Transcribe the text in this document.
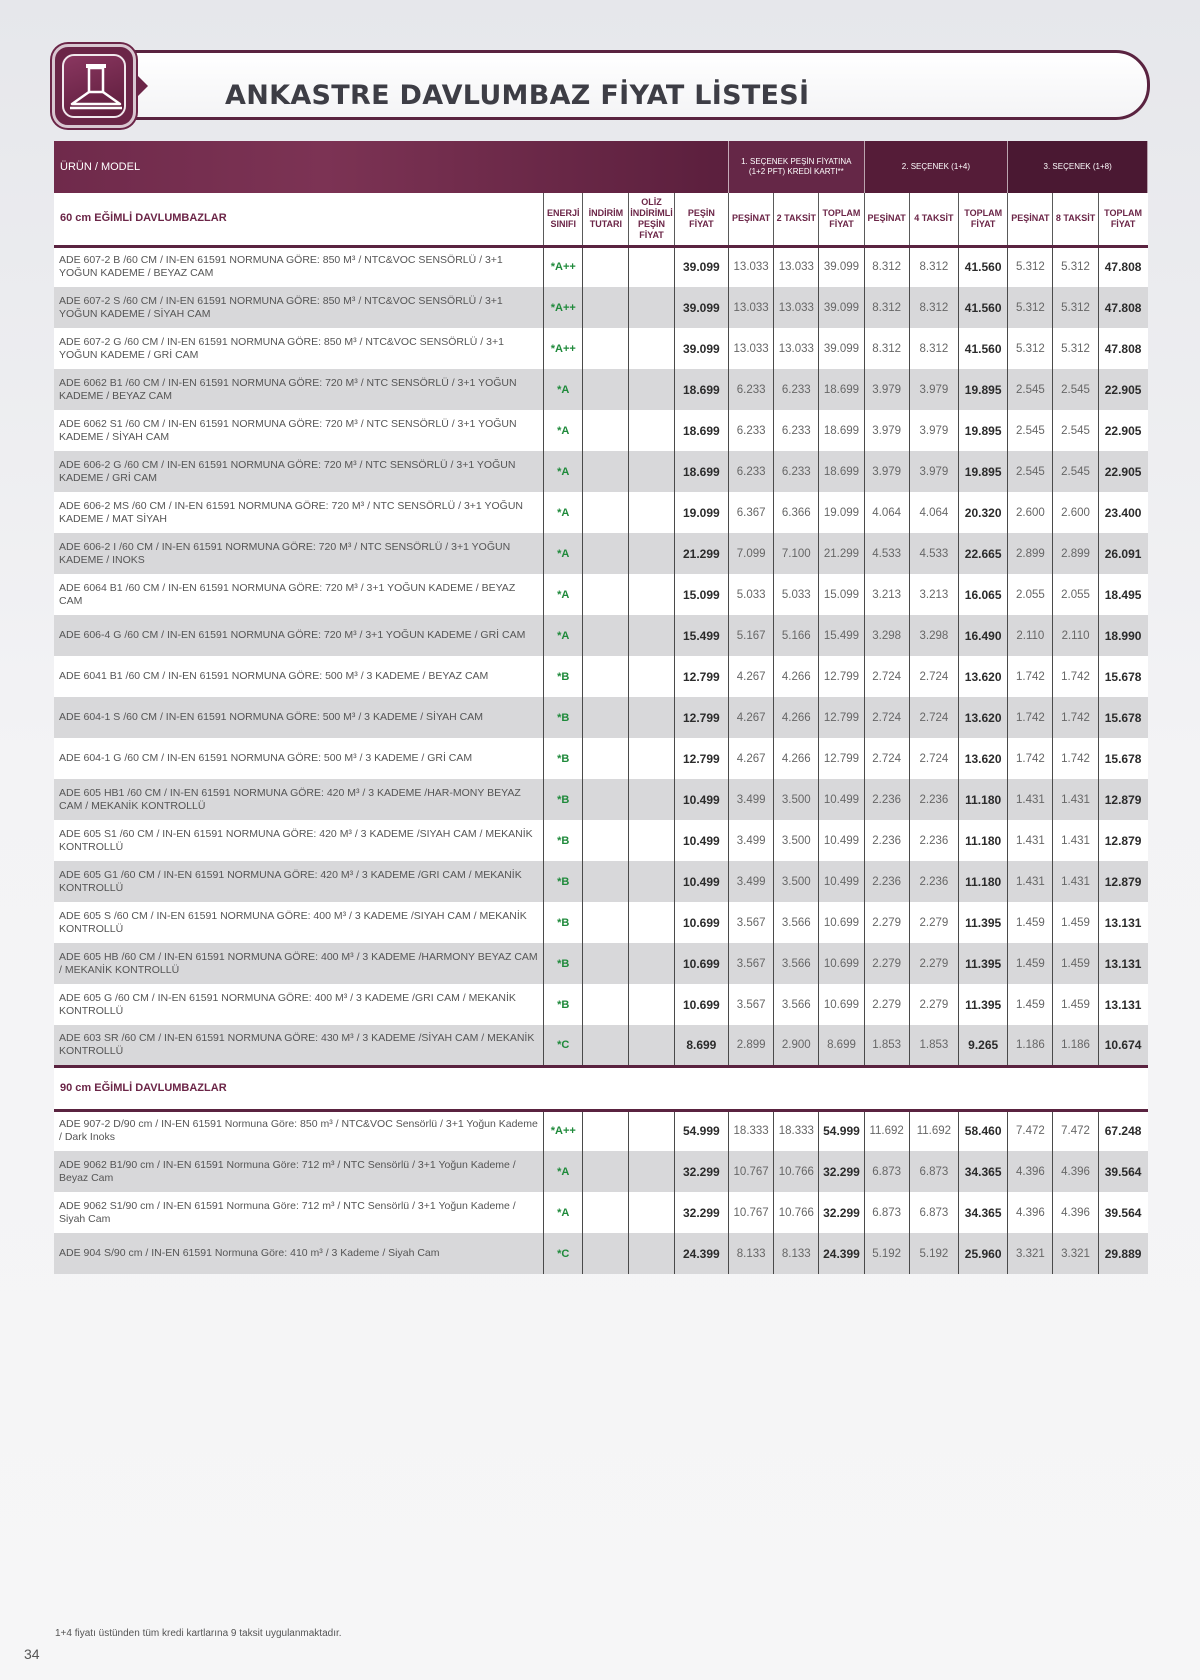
ANKASTRE DAVLUMBAZ FİYAT LİSTESİ
ÜRÜN / MODEL					1. SEÇENEK PEŞİN FİYATINA (1+2 PFT) KREDİ KARTI**			2. SEÇENEK (1+4)			3. SEÇENEK (1+8)		
60 cm EĞİMLİ DAVLUMBAZLAR	ENERJİ SINIFI	İNDİRİM TUTARI	OLİZ İNDİRİMLİ PEŞİN FİYAT	PEŞİN FİYAT	PEŞİNAT	2 TAKSİT	TOPLAM FİYAT	PEŞİNAT	4 TAKSİT	TOPLAM FİYAT	PEŞİNAT	8 TAKSİT	TOPLAM FİYAT
ADE 607-2 B /60 CM / IN-EN 61591 NORMUNA GÖRE: 850 M³ / NTC&VOC SENSÖRLÜ / 3+1 YOĞUN KADEME / BEYAZ CAM	*A++			39.099	13.033	13.033	39.099	8.312	8.312	41.560	5.312	5.312	47.808
ADE 607-2 S /60 CM / IN-EN 61591 NORMUNA GÖRE: 850 M³ / NTC&VOC SENSÖRLÜ / 3+1 YOĞUN KADEME / SİYAH CAM	*A++			39.099	13.033	13.033	39.099	8.312	8.312	41.560	5.312	5.312	47.808
ADE 607-2 G /60 CM / IN-EN 61591 NORMUNA GÖRE: 850 M³ / NTC&VOC SENSÖRLÜ / 3+1 YOĞUN KADEME / GRİ CAM	*A++			39.099	13.033	13.033	39.099	8.312	8.312	41.560	5.312	5.312	47.808
ADE 6062 B1 /60 CM / IN-EN 61591 NORMUNA GÖRE: 720 M³ / NTC SENSÖRLÜ / 3+1 YOĞUN KADEME / BEYAZ CAM	*A			18.699	6.233	6.233	18.699	3.979	3.979	19.895	2.545	2.545	22.905
ADE 6062 S1 /60 CM / IN-EN 61591 NORMUNA GÖRE: 720 M³ / NTC SENSÖRLÜ / 3+1 YOĞUN KADEME / SİYAH CAM	*A			18.699	6.233	6.233	18.699	3.979	3.979	19.895	2.545	2.545	22.905
ADE 606-2 G /60 CM / IN-EN 61591 NORMUNA GÖRE: 720 M³ / NTC SENSÖRLÜ / 3+1 YOĞUN KADEME / GRİ CAM	*A			18.699	6.233	6.233	18.699	3.979	3.979	19.895	2.545	2.545	22.905
ADE 606-2 MS /60 CM / IN-EN 61591 NORMUNA GÖRE: 720 M³ / NTC SENSÖRLÜ / 3+1 YOĞUN KADEME / MAT SİYAH	*A			19.099	6.367	6.366	19.099	4.064	4.064	20.320	2.600	2.600	23.400
ADE 606-2 I /60 CM / IN-EN 61591 NORMUNA GÖRE: 720 M³ / NTC SENSÖRLÜ / 3+1 YOĞUN KADEME / INOKS	*A			21.299	7.099	7.100	21.299	4.533	4.533	22.665	2.899	2.899	26.091
ADE 6064 B1 /60 CM / IN-EN 61591 NORMUNA GÖRE: 720 M³ / 3+1 YOĞUN KADEME / BEYAZ CAM	*A			15.099	5.033	5.033	15.099	3.213	3.213	16.065	2.055	2.055	18.495
ADE 606-4 G /60 CM / IN-EN 61591 NORMUNA GÖRE: 720 M³ / 3+1 YOĞUN KADEME / GRİ CAM	*A			15.499	5.167	5.166	15.499	3.298	3.298	16.490	2.110	2.110	18.990
ADE 6041 B1 /60 CM / IN-EN 61591 NORMUNA GÖRE: 500 M³ / 3 KADEME / BEYAZ CAM	*B			12.799	4.267	4.266	12.799	2.724	2.724	13.620	1.742	1.742	15.678
ADE 604-1 S /60 CM / IN-EN 61591 NORMUNA GÖRE: 500 M³ / 3 KADEME / SİYAH CAM	*B			12.799	4.267	4.266	12.799	2.724	2.724	13.620	1.742	1.742	15.678
ADE 604-1 G /60 CM / IN-EN 61591 NORMUNA GÖRE: 500 M³ / 3 KADEME / GRİ CAM	*B			12.799	4.267	4.266	12.799	2.724	2.724	13.620	1.742	1.742	15.678
ADE 605 HB1 /60 CM / IN-EN 61591 NORMUNA GÖRE: 420 M³ / 3 KADEME /HAR-MONY BEYAZ CAM / MEKANİK KONTROLLÜ	*B			10.499	3.499	3.500	10.499	2.236	2.236	11.180	1.431	1.431	12.879
ADE 605 S1 /60 CM / IN-EN 61591 NORMUNA GÖRE: 420 M³ / 3 KADEME /SIYAH CAM / MEKANİK KONTROLLÜ	*B			10.499	3.499	3.500	10.499	2.236	2.236	11.180	1.431	1.431	12.879
ADE 605 G1 /60 CM / IN-EN 61591 NORMUNA GÖRE: 420 M³ / 3 KADEME /GRI CAM / MEKANİK KONTROLLÜ	*B			10.499	3.499	3.500	10.499	2.236	2.236	11.180	1.431	1.431	12.879
ADE 605 S /60 CM / IN-EN 61591 NORMUNA GÖRE: 400 M³ / 3 KADEME /SIYAH CAM / MEKANİK KONTROLLÜ	*B			10.699	3.567	3.566	10.699	2.279	2.279	11.395	1.459	1.459	13.131
ADE 605 HB /60 CM / IN-EN 61591 NORMUNA GÖRE: 400 M³ / 3 KADEME /HARMONY BEYAZ CAM / MEKANİK KONTROLLÜ	*B			10.699	3.567	3.566	10.699	2.279	2.279	11.395	1.459	1.459	13.131
ADE 605 G /60 CM / IN-EN 61591 NORMUNA GÖRE: 400 M³ / 3 KADEME /GRI CAM / MEKANİK KONTROLLÜ	*B			10.699	3.567	3.566	10.699	2.279	2.279	11.395	1.459	1.459	13.131
ADE 603 SR /60 CM / IN-EN 61591 NORMUNA GÖRE: 430 M³ / 3 KADEME /SİYAH CAM / MEKANİK KONTROLLÜ	*C			8.699	2.899	2.900	8.699	1.853	1.853	9.265	1.186	1.186	10.674
90 cm EĞİMLİ DAVLUMBAZLAR													
ADE 907-2 D/90 cm / IN-EN 61591 Normuna Göre: 850 m³ / NTC&VOC Sensörlü / 3+1 Yoğun Kademe / Dark Inoks	*A++			54.999	18.333	18.333	54.999	11.692	11.692	58.460	7.472	7.472	67.248
ADE 9062 B1/90 cm / IN-EN 61591 Normuna Göre: 712 m³ / NTC Sensörlü / 3+1 Yoğun Kademe / Beyaz Cam	*A			32.299	10.767	10.766	32.299	6.873	6.873	34.365	4.396	4.396	39.564
ADE 9062 S1/90 cm / IN-EN 61591 Normuna Göre: 712 m³ / NTC Sensörlü / 3+1 Yoğun Kademe / Siyah Cam	*A			32.299	10.767	10.766	32.299	6.873	6.873	34.365	4.396	4.396	39.564
ADE 904 S/90 cm / IN-EN 61591 Normuna Göre: 410 m³ / 3 Kademe / Siyah Cam	*C			24.399	8.133	8.133	24.399	5.192	5.192	25.960	3.321	3.321	29.889
1+4 fiyatı üstünden tüm kredi kartlarına 9 taksit uygulanmaktadır.
34
